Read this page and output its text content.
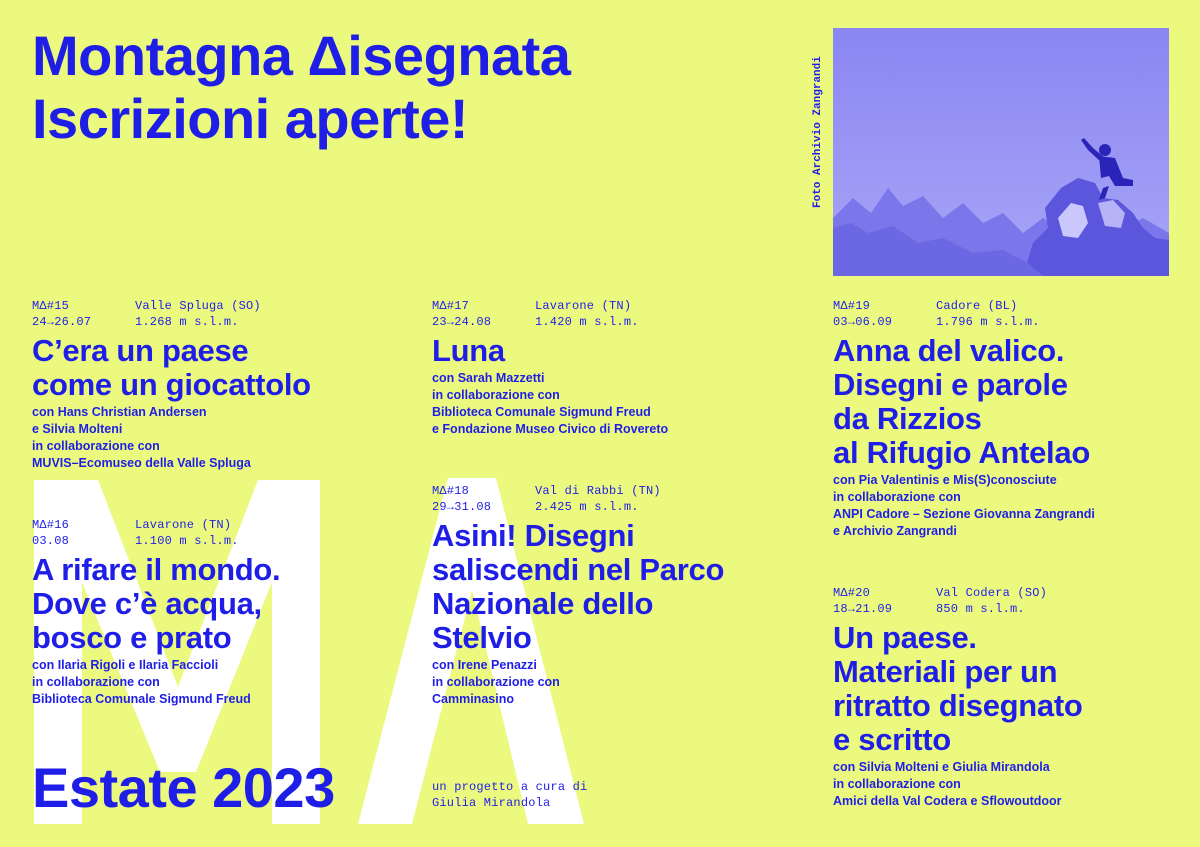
Montagna Δisegnata
Iscrizioni aperte!	Foto Archivio Zangrandi
MΔ#15	Valle Spluga (SO)
24→26.07	1.268 m s.l.m.
C’era un paese
come un giocattolo
con Hans Christian Andersen
e Silvia Molteni
in collaborazione con
MUVIS–Ecomuseo della Valle Spluga
MΔ#16	Lavarone (TN)
03.08	1.100 m s.l.m.
A rifare il mondo.
Dove c’è acqua,
bosco e prato
con Ilaria Rigoli e Ilaria Faccioli
in collaborazione con
Biblioteca Comunale Sigmund Freud
MΔ#17	Lavarone (TN)
23→24.08	1.420 m s.l.m.
Luna
con Sarah Mazzetti
in collaborazione con
Biblioteca Comunale Sigmund Freud
e Fondazione Museo Civico di Rovereto
MΔ#18	Val di Rabbi (TN)
29→31.08	2.425 m s.l.m.
Asini! Disegni
saliscendi nel Parco
Nazionale dello
Stelvio
con Irene Penazzi
in collaborazione con
Camminasino
MΔ#19	Cadore (BL)
03→06.09	1.796 m s.l.m.
Anna del valico.
Disegni e parole
da Rizzios
al Rifugio Antelao
con Pia Valentinis e Mis(S)conosciute
in collaborazione con
ANPI Cadore – Sezione Giovanna Zangrandi
e Archivio Zangrandi
MΔ#20	Val Codera (SO)
18→21.09	850 m s.l.m.
Un paese.
Materiali per un
ritratto disegnato
e scritto
con Silvia Molteni e Giulia Mirandola
in collaborazione con
Amici della Val Codera e Sflowoutdoor
Estate 2023	un progetto a cura di
Giulia Mirandola
